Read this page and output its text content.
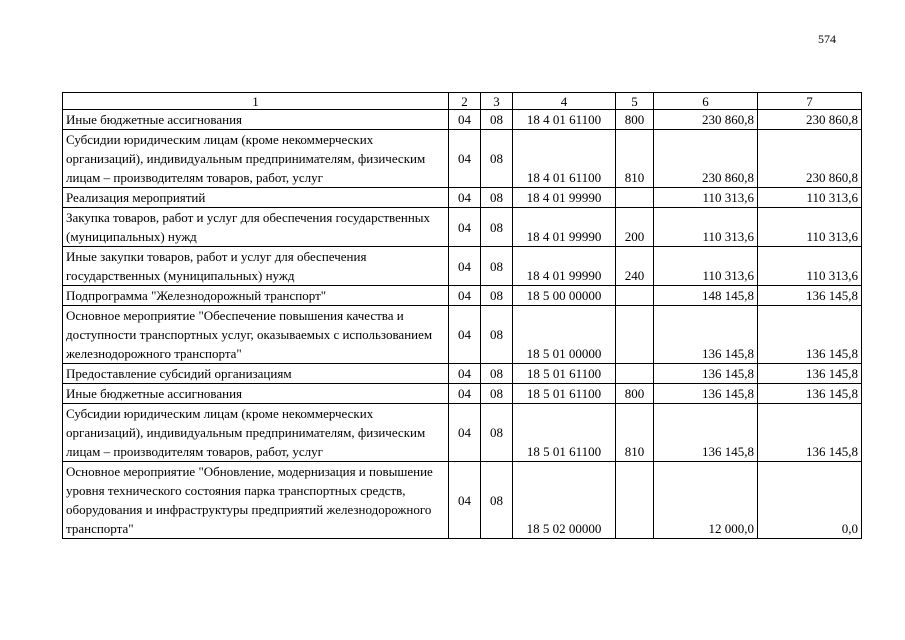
574
1	2	3	4	5	6	7
Иные бюджетные ассигнования	04	08	18 4 01 61100	800	230 860,8	230 860,8
Субсидии юридическим лицам (кроме некоммерческих организаций), индивидуальным предпринимателям, физическим лицам – производителям товаров, работ, услуг	04	08	18 4 01 61100	810	230 860,8	230 860,8
Реализация мероприятий	04	08	18 4 01 99990		110 313,6	110 313,6
Закупка товаров, работ и услуг для обеспечения государственных (муниципальных) нужд	04	08	18 4 01 99990	200	110 313,6	110 313,6
Иные закупки товаров, работ и услуг для обеспечения государственных (муниципальных) нужд	04	08	18 4 01 99990	240	110 313,6	110 313,6
Подпрограмма "Железнодорожный транспорт"	04	08	18 5 00 00000		148 145,8	136 145,8
Основное мероприятие "Обеспечение повышения качества и доступности транспортных услуг, оказываемых с использованием железнодорожного транспорта"	04	08	18 5 01 00000		136 145,8	136 145,8
Предоставление субсидий организациям	04	08	18 5 01 61100		136 145,8	136 145,8
Иные бюджетные ассигнования	04	08	18 5 01 61100	800	136 145,8	136 145,8
Субсидии юридическим лицам (кроме некоммерческих организаций), индивидуальным предпринимателям, физическим лицам – производителям товаров, работ, услуг	04	08	18 5 01 61100	810	136 145,8	136 145,8
Основное мероприятие "Обновление, модернизация и повышение уровня технического состояния парка транспортных средств, оборудования и инфраструктуры предприятий железнодорожного транспорта"	04	08	18 5 02 00000		12 000,0	0,0
